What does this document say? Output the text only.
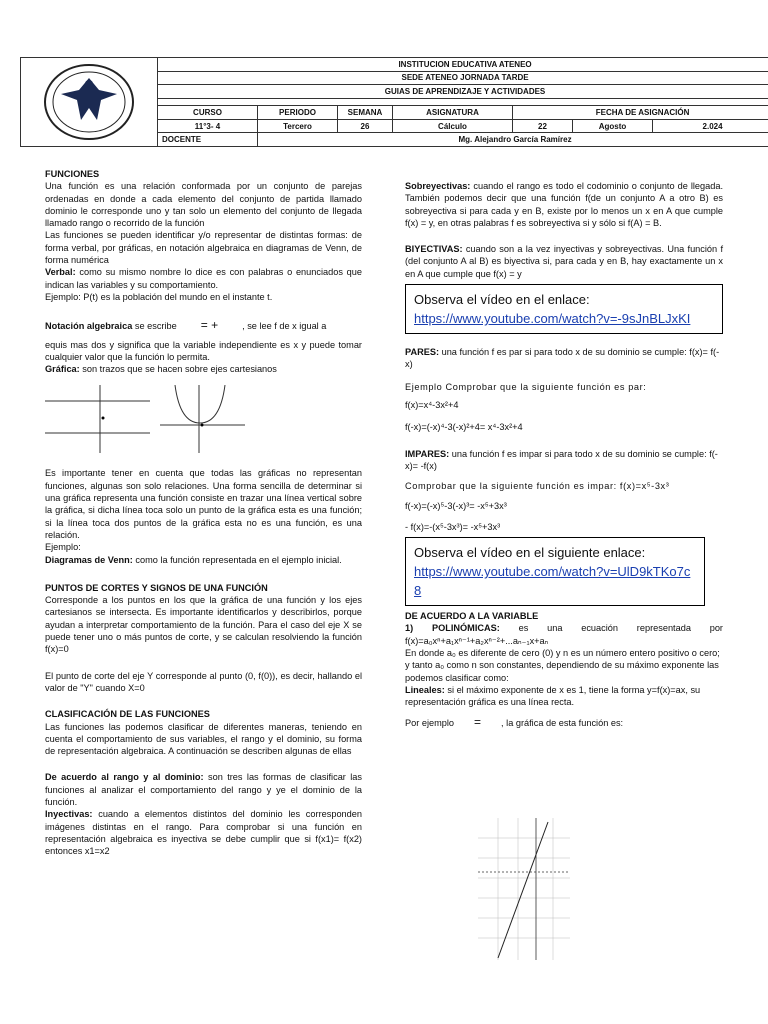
	INSTITUCION EDUCATIVA ATENEO						
	SEDE ATENEO JORNADA TARDE						
	GUIAS DE APRENDIZAJE Y ACTIVIDADES						

	CURSO	PERIODO	SEMANA	ASIGNATURA	FECHA DE ASIGNACIÓN		
	11°3- 4	Tercero	26	Cálculo	22	Agosto	2.024
	DOCENTE	Mg. Alejandro García Ramírez					

FUNCIONES

Una función es una relación conformada por un conjunto de parejas ordenadas en donde a cada elemento del conjunto de partida llamado dominio le corresponde uno y tan solo un elemento del conjunto de llegada llamado rango o recorrido de la función

Las funciones se pueden identificar y/o representar de distintas formas: de forma verbal, por gráficas, en notación algebraica en diagramas de Venn, de forma numérica

Verbal: como su mismo nombre lo dice es con palabras o enunciados que indican las variables y su comportamiento.

Ejemplo: P(t) es la población del mundo en el instante t.

Notación algebraica se escribe = +	, se lee f de x igual a

equis mas dos y significa que la variable independiente es x y puede tomar cualquier valor que la función lo permita.

Gráfica: son trazos que se hacen sobre ejes cartesianos

Es importante tener en cuenta que todas las gráficas no representan funciones, algunas son solo relaciones. Una forma sencilla de determinar si una gráfica representa una función consiste en trazar una línea vertical sobre la gráfica, si dicha línea toca solo un punto de la gráfica esta es una función; si la línea toca dos puntos de la gráfica esta no es una función, es una relación.

Ejemplo:

Diagramas de Venn: como la función representada en el ejemplo inicial.

PUNTOS DE CORTES Y SIGNOS DE UNA FUNCIÓN

Corresponde a los puntos en los que la gráfica de una función y los ejes cartesianos se intersecta. Es importante identificarlos y describirlos, porque ayudan a interpretar comportamiento de la función. Para el caso del eje X se puede tener uno o más puntos de corte, y se calculan resolviendo la función f(x)=0

El punto de corte del eje Y corresponde al punto (0, f(0)), es decir, hallando el valor de "Y" cuando X=0

CLASIFICACIÓN DE LAS FUNCIONES

Las funciones las podemos clasificar de diferentes maneras, teniendo en cuenta el comportamiento de sus variables, el rango y el dominio, su forma de representación algebraica. A continuación se describen algunas de ellas

De acuerdo al rango y al dominio: son tres las formas de clasificar las funciones al analizar el comportamiento del rango y ye el dominio de la función.

Inyectivas: cuando a elementos distintos del dominio les corresponden imágenes distintas en el rango. Para comprobar si una función en representación algebraica es inyectiva se debe cumplir que si f(x1)= f(x2) entonces x1=x2

Sobreyectivas: cuando el rango es todo el codominio o conjunto de llegada. También podemos decir que una función f(de un conjunto A a otro B) es sobreyectiva si para cada y en B, existe por lo menos un x en A que cumple f(x) = y, en otras palabras f es sobreyectiva si y sólo si f(A) = B.

BIYECTIVAS: cuando son a la vez inyectivas y sobreyectivas. Una función f (del conjunto A al B) es biyectiva si, para cada y en B, hay exactamente un x en A que cumple que f(x) = y

Observa el vídeo en el enlace:
https://www.youtube.com/watch?v=-9sJnBLJxKI

PARES: una función f es par si para todo x de su dominio se cumple: f(x)= f(-x)

Ejemplo Comprobar que la siguiente función es par:

f(x)=x⁴-3x²+4

f(-x)=(-x)⁴-3(-x)²+4= x⁴-3x²+4

IMPARES: una función f es impar si para todo x de su dominio se cumple: f(-x)= -f(x)

Comprobar que la siguiente función es impar: f(x)=x⁵-3x³

f(-x)=(-x)⁵-3(-x)³= -x⁵+3x³

- f(x)=-(x⁵-3x³)= -x⁵+3x³

Observa el vídeo en el siguiente enlace:
https://www.youtube.com/watch?v=UlD9kTKo7c8

DE ACUERDO A LA VARIABLE

1) POLINÓMICAS: es una ecuación representada por f(x)=a₀xⁿ+a₁xⁿ⁻¹+a₂xⁿ⁻²+...aₙ₋₁x+aₙ

En donde a₀ es diferente de cero (0) y n es un número entero positivo o cero; y tanto a₀ como n son constantes, dependiendo de su máximo exponente las podemos clasificar como:

Lineales: si el máximo exponente de x es 1, tiene la forma y=f(x)=ax, su representación gráfica es una línea recta.

Por ejemplo = , la gráfica de esta función es:
